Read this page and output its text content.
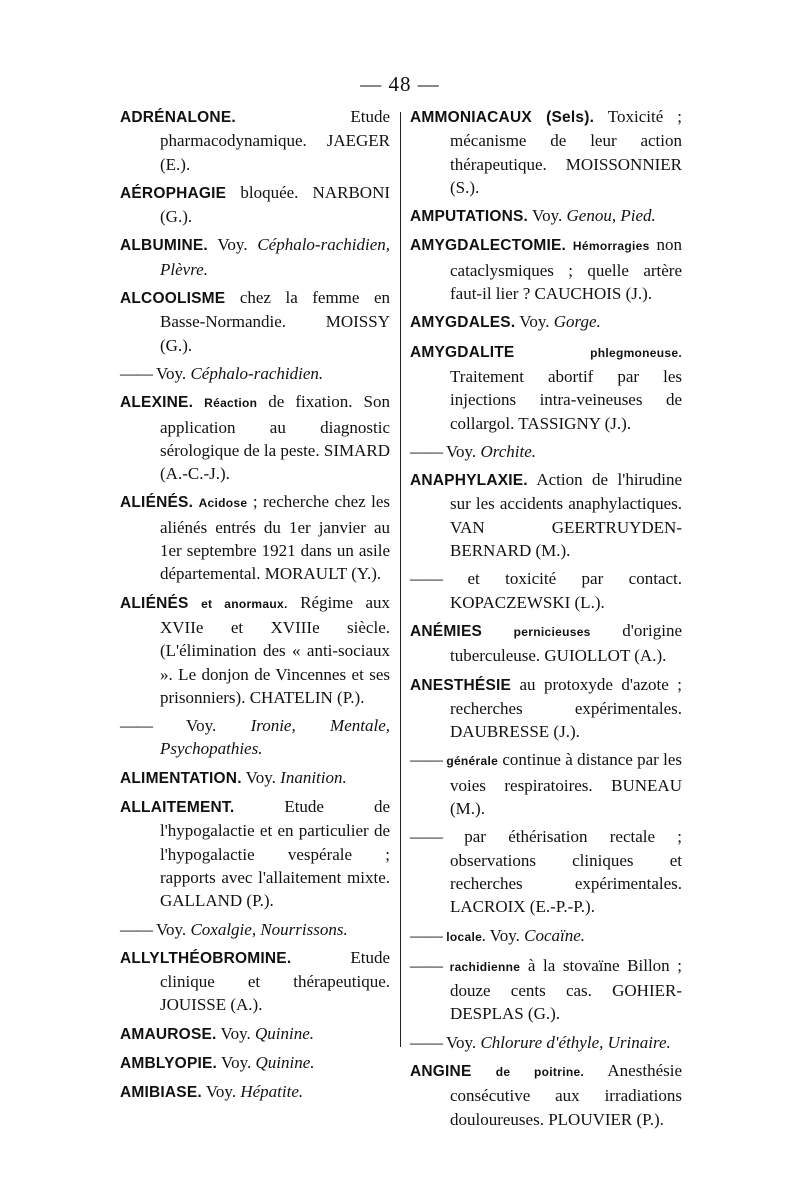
— 48 —

ADRÉNALONE.	Etude pharmacodynamique. JAEGER (E.).

AÉROPHAGIE bloquée. NARBONI (G.).

ALBUMINE. Voy. Céphalo-rachidien, Plèvre.

ALCOOLISME chez la femme en Basse-Normandie. MOISSY (G.).

—— Voy. Céphalo-rachidien.

ALEXINE. Réaction de fixation. Son application au diagnostic sérologique de la peste. SIMARD (A.-C.-J.).

ALIÉNÉS. Acidose ; recherche chez les aliénés entrés du 1er janvier au 1er septembre 1921 dans un asile départemental. MORAULT (Y.).

ALIÉNÉS et anormaux. Régime aux XVIIe et XVIIIe siècle. (L'élimination des « anti-sociaux ». Le donjon de Vincennes et ses prisonniers). CHATELIN (P.).

—— Voy. Ironie, Mentale, Psychopathies.

ALIMENTATION. Voy. Inanition.

ALLAITEMENT.	Etude de l'hypogalactie et en particulier de l'hypogalactie vespérale ; rapports avec l'allaitement mixte. GALLAND (P.).

—— Voy. Coxalgie, Nourrissons.

ALLYLTHÉOBROMINE.	Etude clinique et thérapeutique. JOUISSE (A.).

AMAUROSE. Voy. Quinine.

AMBLYOPIE. Voy. Quinine.

AMIBIASE. Voy. Hépatite.

AMMONIACAUX (Sels). Toxicité ; mécanisme de leur action thérapeutique. MOISSONNIER (S.).

AMPUTATIONS. Voy. Genou, Pied.

AMYGDALECTOMIE. Hémorragies non cataclysmiques ; quelle artère faut-il lier ? CAUCHOIS (J.).

AMYGDALES. Voy. Gorge.

AMYGDALITE	phlegmoneuse. Traitement abortif par les injections intra-veineuses de collargol. TASSIGNY (J.).

—— Voy. Orchite.

ANAPHYLAXIE. Action de l'hirudine sur les accidents anaphylactiques. VAN GEERTRUYDEN-BERNARD (M.).

—— et toxicité par contact. KOPACZEWSKI (L.).

ANÉMIES	pernicieuses d'origine tuberculeuse. GUIOLLOT (A.).

ANESTHÉSIE au protoxyde d'azote ; recherches expérimentales. DAUBRESSE (J.).

—— générale continue à distance par les voies respiratoires. BUNEAU (M.).

—— par éthérisation rectale ; observations cliniques et recherches expérimentales. LACROIX (E.-P.-P.).

—— locale. Voy. Cocaïne.

—— rachidienne à la stovaïne Billon ; douze cents cas. GOHIER-DESPLAS (G.).

—— Voy. Chlorure d'éthyle, Urinaire.

ANGINE de poitrine. Anesthésie consécutive aux irradiations douloureuses. PLOUVIER (P.).
